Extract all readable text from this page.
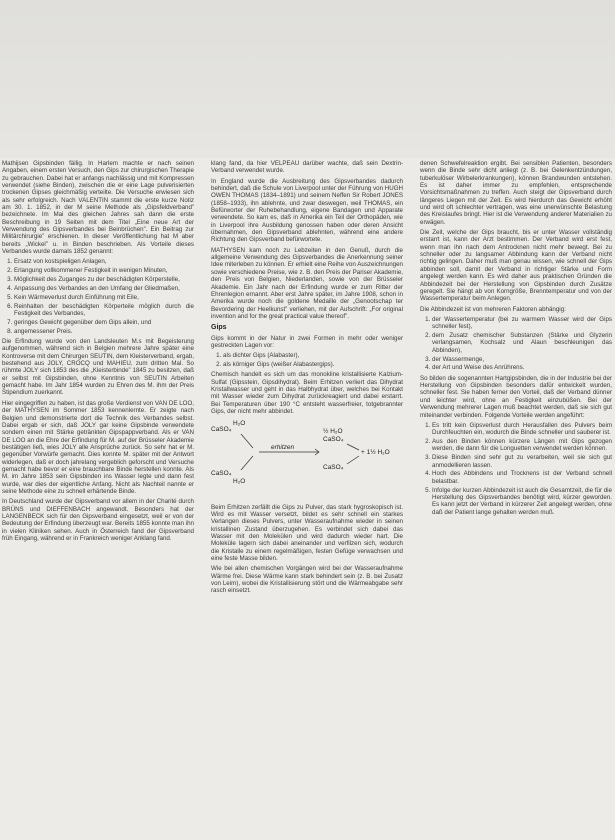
Mathijsen Gipsbinden fällig. In Harlem machte er nach seinen Angaben, einem ersten Versuch, den Gips zur chirurgischen Therapie zu gebrauchen. Dabei hat er anfangs nachlässig und mit Kompressen verwendet (siehe Binden), zwischen die er eine Lage pulverisierten trockenen Gipses gleichmäßig verteilte. Die Versuche erwiesen sich als sehr erfolgreich. Nach VALENTIN stammt die erste kurze Notiz am 30. 1. 1852, in der M seine Methode als „Gipsfeldverband” bezeichnete. Im Mai des gleichen Jahres sah dann die erste Beschreibung in 19 Seiten mit dem Titel „Eine neue Art der Verwendung des Gipsverbandes bei Beinbrüchen”. Ein Beitrag zur Militärchirurgie” erschienen. In dieser Veröffentlichung hat M aber bereits „Wickel” u. in Binden beschrieben. Als Vorteile dieses Verbandes wurde damals 1852 genannt:

1. Ersatz von kostspieligen Anlagen,
2. Erlangung vollkommener Festigkeit in wenigen Minuten,
3. Möglichkeit des Zuganges zu der beschädigten Körperstelle,
4. Anpassung des Verbandes an den Umfang der Gliedmaßen,
5. Kein Wärmeverlust durch Einführung mit Eile,
6. Reinhalten der beschädigten Körperteile möglich durch die Festigkeit des Verbandes,
7. geringes Gewicht gegenüber dem Gips allein, und
8. angemessener Preis.

Die Erfindung wurde von den Landsleuten M.s mit Begeisterung aufgenommen, während sich in Belgien mehrere Jahre später eine Kontroverse mit dem Chirurgen SEUTIN, dem Kleisterverband, ergab, bestehend aus JOLY, CROCQ und MAHIEU, zum dritten Mal. So rühmte JOLY sich 1853 des die „Kleisterbinde” 1845 zu besitzen, daß er selbst mit Gipsbinden, ohne Kenntnis von SEUTIN Arbeiten gemacht habe. Im Jahr 1854 wurden zu Ehren des M. ihm der Preis Stipendium zuerkannt.

Hier eingegriffen zu haben, ist das große Verdienst von VAN DE LOO, der MATHYSEN im Sommer 1853 kennenlernte. Er zeigte nach Belgien und demonstrierte dort die Technik des Verbandes selbst. Dabei ergab er sich, daß JOLY gar keine Gipsbinde verwendete sondern einen mit Stärke getränkten Gipspappverband. Als er VAN DE LOO an die Ehre der Erfindung für M. auf der Brüsseler Akademie bestätigen ließ, wies JOLY alle Ansprüche zurück. So sehr hat er M. gegenüber Vorwürfe gemacht. Dies konnte M. später mit der Antwort widerlegen, daß er doch jahrelang vergeblich geforscht und Versuche gemacht habe bevor er eine brauchbare Binde herstellen konnte. Als M. im Jahre 1853 sein Gipsbinden ins Wasser legte und dann fest wurde, war dies der eigentliche Anfang. Nicht als Nachteil nannte er seine Methode eine zu schnell erhärtende Binde.

In Deutschland wurde der Gipsverband vor allem in der Charité durch BRÜNS und DIEFFENBACH angewandt. Besonders hat der LANGENBECK sich für den Gipsverband eingesetzt, weil er von der Bedeutung der Erfindung überzeugt war. Bereits 1855 konnte man ihn in vielen Kliniken sehen. Auch in Österreich fand der Gipsverband früh Eingang, während er in Frankreich weniger Anklang fand.

klang fand, da hier VELPEAU darüber wachte, daß sein Dextrin-Verband verwendet wurde.

In England wurde die Ausbreitung des Gipsverbandes dadurch behindert, daß die Schule von Liverpool unter der Führung von HUGH OWEN THOMAS (1834–1891) und seinem Neffen Sir Robert JONES (1858–1933), ihn ablehnte, und zwar deswegen, weil THOMAS, ein Befürworter der Ruhebehandlung, eigene Bandagen und Apparate verwendete. So kam es, daß in Amerika ein Teil der Orthopäden, wie in Liverpool ihre Ausbildung genossen haben oder deren Ansicht übernahmen, den Gipsverband ablehnten, während eine andere Richtung den Gipsverband befürwortete.

MATHYSEN kam noch zu Lebzeiten in den Genuß, durch die allgemeine Verwendung des Gipsverbandes die Anerkennung seiner Idee miterleben zu können. Er erhielt eine Reihe von Auszeichnungen sowie verschiedene Preise, wie z. B. den Preis der Pariser Akademie, den Preis von Belgien, Niederlanden, sowie von der Brüsseler Akademie. Ein Jahr nach der Erfindung wurde er zum Ritter der Ehrenlegion ernannt. Aber erst Jahre später, im Jahre 1908, schon in Amerika wurde noch die goldene Medaille der „Genootschap ter Bevordering der Heelkunst” verliehen, mit der Aufschrift: „For original invention and for the great practical value thereof”.

Gips

Gips kommt in der Natur in zwei Formen in mehr oder weniger gestreckten Lagen vor:

1. als dichter Gips (Alabaster),
2. als körniger Gips (weißer Alabastergips).

Chemisch handelt es sich um das monokline kristallisierte Kalzium-Sulfat (Gipsstein, Gipsdihydrat). Beim Erhitzen verliert das Dihydrat Kristallwasser und geht in das Halbhydrat über, welches bei Kontakt mit Wasser wieder zum Dihydrat zurückreagiert und dabei erstarrt. Bei Temperaturen über 190 °C entsteht wasserfreier, totgebrannter Gips, der nicht mehr abbindet.

CaSO₄
H₂O
CaSO₄
H₂O
erhitzen
CaSO₄
½ H₂O
CaSO₄
+ 1½ H₂O

Beim Erhitzen zerfällt die Gips zu Pulver, das stark hygroskopisch ist. Wird es mit Wasser versetzt, bildet es sehr schnell ein starkes Verlangen dieses Pulvers, unter Wasseraufnahme wieder in seinen kristallinen Zustand überzugehen. Es verbindet sich dabei das Wasser mit den Molekülen und wird dadurch wieder hart. Die Moleküle lagern sich dabei aneinander und verfilzen sich, wodurch die Kristalle zu einem regelmäßigen, festen Gefüge verwachsen und eine feste Masse bilden.

Wie bei allen chemischen Vorgängen wird bei der Wasseraufnahme Wärme frei. Diese Wärme kann stark behindert sein (z. B. bei Zusatz von Leim), wobei die Kristallisierung stört und die Wärmeabgabe sehr rasch einsetzt.

denen Schwefelreaktion ergibt. Bei sensiblen Patienten, besonders wenn die Binde sehr dicht anliegt (z. B. bei Gelenkentzündungen, tuberkulöser Wirbelerkrankungen), können Brandwunden entstehen. Es ist daher immer zu empfehlen, entsprechende Vorsichtsmaßnahmen zu treffen. Auch steigt der Gipsverband durch längeres Liegen mit der Zeit. Es wird hierdurch das Gewicht erhöht und wird oft schlechter vertragen, was eine unerwünschte Belastung des Kreislaufes bringt. Hier ist die Verwendung anderer Materialien zu erwägen.

Die Zeit, welche der Gips braucht, bis er unter Wasser vollständig erstarrt ist, kann der Arzt bestimmen. Der Verband wird erst fest, wenn man ihn nach dem Antrocknen nicht mehr bewegt. Bei zu schneller oder zu langsamer Abbindung kann der Verband nicht richtig gelingen. Daher muß man genau wissen, wie schnell der Gips abbinden soll, damit der Verband in richtiger Stärke und Form angelegt werden kann. Es wird daher aus praktischen Gründen die Abbindezeit bei der Herstellung von Gipsbinden durch Zusätze geregelt. Sie hängt ab von Korngröße, Brenntemperatur und von der Wassertemperatur beim Anlegen.

Die Abbindezeit ist von mehreren Faktoren abhängig:

1. der Wassertemperatur (bei zu warmem Wasser wird der Gips schneller fest),
2. dem Zusatz chemischer Substanzen (Stärke und Glyzerin verlangsamen, Kochsalz und Alaun beschleunigen das Abbinden),
3. der Wassermenge,
4. der Art und Weise des Anrührens.

So bilden die sogenannten Hartgipsbinden, die in der Industrie bei der Herstellung von Gipsbinden besonders dafür entwickelt wurden, schneller fest. Sie haben ferner den Vorteil, daß der Verband dünner und leichter wird, ohne an Festigkeit einzubüßen. Bei der Verwendung mehrerer Lagen muß beachtet werden, daß sie sich gut miteinander verbinden. Folgende Vorteile werden angeführt:

1. Es tritt kein Gipsverlust durch Herausfallen des Pulvers beim Durchfeuchten ein, wodurch die Binde schneller und sauberer ist.
2. Aus den Binden können kürzere Längen mit Gips gezogen werden, die dann für die Longuetten verwendet werden können.
3. Diese Binden sind sehr gut zu verarbeiten, weil sie sich gut anmodellieren lassen.
4. Hoch des Abbindens und Trocknens ist der Verband schnell belastbar.
5. Infolge der kurzen Abbindezeit ist auch die Gesamtzeit, die für die Herstellung des Gipsverbandes benötigt wird, kürzer geworden. Es kann jetzt der Verband in kürzerer Zeit angelegt werden, ohne daß der Patient lange gehalten werden muß.
